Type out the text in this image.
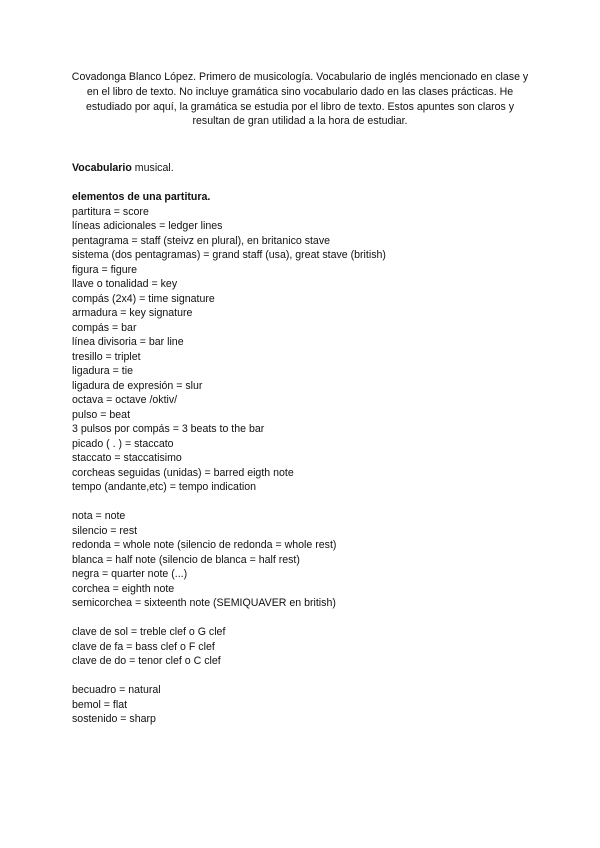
Covadonga Blanco López. Primero de musicología. Vocabulario de inglés mencionado en clase y en el libro de texto. No incluye gramática sino vocabulario dado en las clases prácticas. He estudiado por aquí, la gramática se estudia por el libro de texto. Estos apuntes son claros y resultan de gran utilidad a la hora de estudiar.
Vocabulario musical.
elementos de una partitura.
partitura = score
líneas adicionales = ledger lines
pentagrama = staff (steivz en plural), en britanico stave
sistema (dos pentagramas) = grand staff (usa), great stave (british)
figura = figure
llave o tonalidad = key
compás (2x4) = time signature
armadura = key signature
compás = bar
línea divisoria = bar line
tresillo = triplet
ligadura = tie
ligadura de expresión = slur
octava = octave /oktiv/
pulso = beat
3 pulsos por compás = 3 beats to the bar
picado ( . ) = staccato
staccato = staccatisimo
corcheas seguidas (unidas) = barred eigth note
tempo (andante,etc) = tempo indication
nota = note
silencio = rest
redonda = whole note (silencio de redonda = whole rest)
blanca = half note (silencio de blanca = half rest)
negra = quarter note (...)
corchea = eighth note
semicorchea = sixteenth note (SEMIQUAVER en british)
clave de sol = treble clef o G clef
clave de fa = bass clef o F clef
clave de do = tenor clef o C clef
becuadro = natural
bemol = flat
sostenido = sharp
